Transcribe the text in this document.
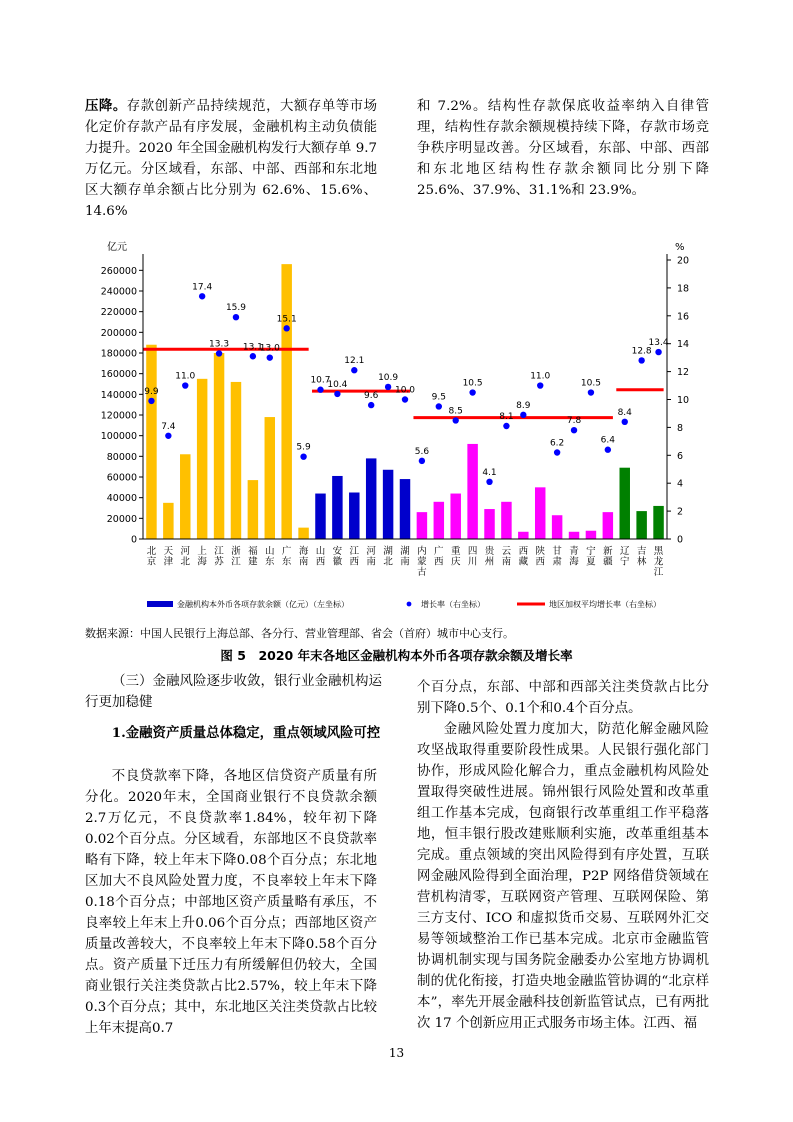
压降。存款创新产品持续规范，大额存单等市场化定价存款产品有序发展，金融机构主动负债能力提升。2020 年全国金融机构发行大额存单 9.7 万亿元。分区域看，东部、中部、西部和东北地区大额存单余额占比分别为 62.6%、15.6%、14.6%
和 7.2%。结构性存款保底收益率纳入自律管理，结构性存款余额规模持续下降，存款市场竞争秩序明显改善。分区域看，东部、中部、西部和东北地区结构性存款余额同比分别下降 25.6%、37.9%、31.1%和 23.9%。
9.9
7.4
11.0
17.4
13.3
15.9
13.1
13.0
15.1
5.9
10.7
10.4
12.1
9.6
10.9
10.0
5.6
9.5
8.5
10.5
4.1
8.1
8.9
11.0
6.2
7.8
10.5
6.4
8.4
12.8
13.4
亿元	%
0
20000
40000
60000
80000
100000
120000
140000
160000
180000
200000
220000
240000
260000
0
2
4
6
8
10
12
14
16
18
20
北京
天津
河北
上海
江苏
浙江
福建
山东
广东
海南
山西
安徽
江西
河南
湖北
湖南
内蒙古
广西
重庆
四川
贵州
云南
西藏
陕西
甘肃
青海
宁夏
新疆
辽宁
吉林
黑龙江
金融机构本外币各项存款余额（亿元）（左坐标）	增长率（右坐标）	地区加权平均增长率（右坐标）
数据来源：中国人民银行上海总部、各分行、营业管理部、省会（首府）城市中心支行。
图 5　2020 年末各地区金融机构本外币各项存款余额及增长率
（三）金融风险逐步收敛，银行业金融机构运行更加稳健
1.金融资产质量总体稳定，重点领域风险可控
不良贷款率下降，各地区信贷资产质量有所分化。2020年末，全国商业银行不良贷款余额2.7万亿元，不良贷款率1.84%，较年初下降0.02个百分点。分区域看，东部地区不良贷款率略有下降，较上年末下降0.08个百分点；东北地区加大不良风险处置力度，不良率较上年末下降0.18个百分点；中部地区资产质量略有承压，不良率较上年末上升0.06个百分点；西部地区资产质量改善较大，不良率较上年末下降0.58个百分点。资产质量下迁压力有所缓解但仍较大，全国商业银行关注类贷款占比2.57%，较上年末下降0.3个百分点；其中，东北地区关注类贷款占比较上年末提高0.7
个百分点，东部、中部和西部关注类贷款占比分别下降0.5个、0.1个和0.4个百分点。
金融风险处置力度加大，防范化解金融风险攻坚战取得重要阶段性成果。人民银行强化部门协作，形成风险化解合力，重点金融机构风险处置取得突破性进展。锦州银行风险处置和改革重组工作基本完成，包商银行改革重组工作平稳落地，恒丰银行股改建账顺利实施，改革重组基本完成。重点领域的突出风险得到有序处置，互联网金融风险得到全面治理，P2P 网络借贷领域在营机构清零，互联网资产管理、互联网保险、第三方支付、ICO 和虚拟货币交易、互联网外汇交易等领域整治工作已基本完成。北京市金融监管协调机制实现与国务院金融委办公室地方协调机制的优化衔接，打造央地金融监管协调的“北京样本”，率先开展金融科技创新监管试点，已有两批次 17 个创新应用正式服务市场主体。江西、福
13
